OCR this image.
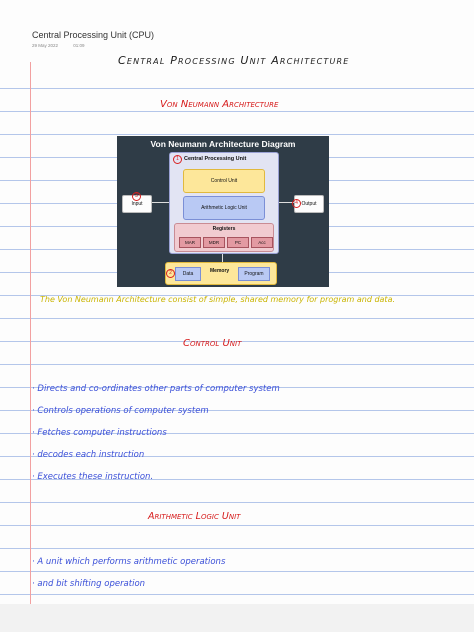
Central Processing Unit (CPU)
29 May 2022	01:09
Central Processing Unit Architecture
Von Neumann Architecture
Von Neumann Architecture Diagram
1 Central Processing Unit
Control Unit
Arithmetic Logic Unit
Registers
MAR	MDR	PC	Acc
3
Input	4 Output
2	Data	Memory	Program
The Von Neumann Architecture consist of simple, shared memory for program and data.
Control Unit
· Directs and co-ordinates other parts of computer system
· Controls operations of computer system
· Fetches computer instructions
· decodes each instruction
· Executes these instruction.
Arithmetic Logic Unit
· A unit which performs arithmetic operations
· and bit shifting operation
